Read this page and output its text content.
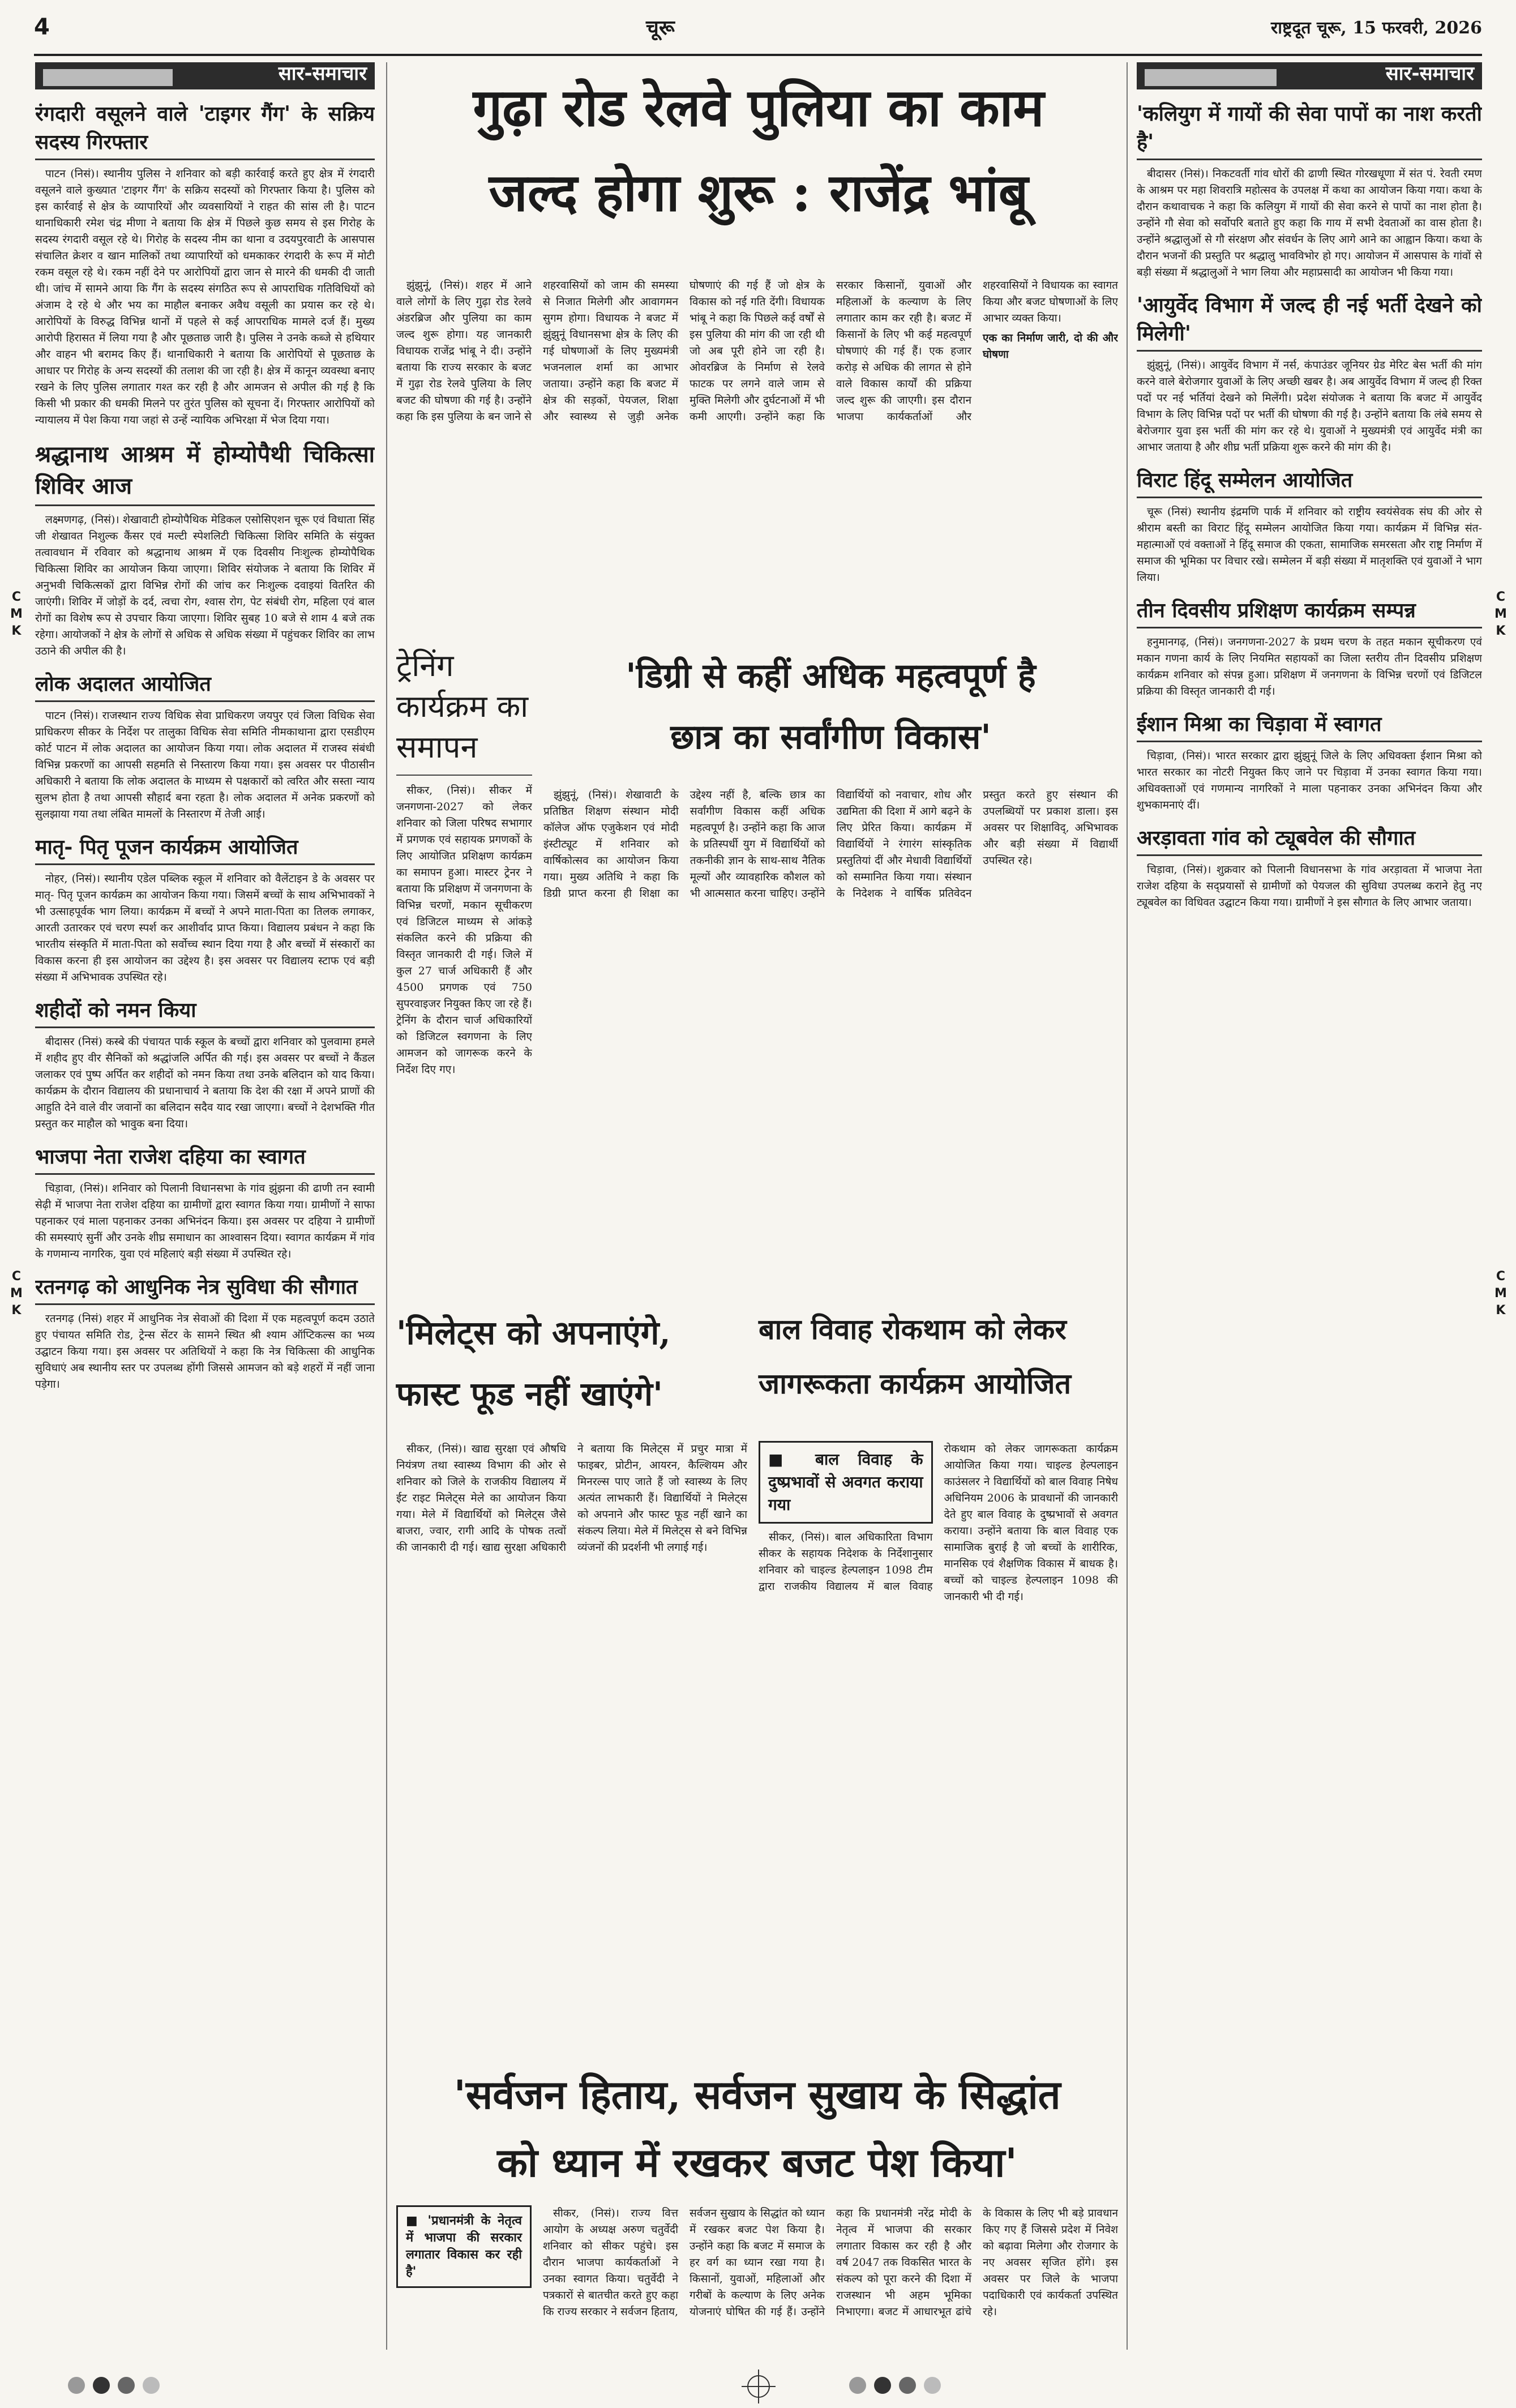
4	चूरू	राष्ट्रदूत चूरू, 15 फरवरी, 2026
सार-समाचार
रंगदारी वसूलने वाले 'टाइगर गैंग' के सक्रिय सदस्य गिरफ्तार

पाटन (निसं)। स्थानीय पुलिस ने शनिवार को बड़ी कार्रवाई करते हुए क्षेत्र में रंगदारी वसूलने वाले कुख्यात 'टाइगर गैंग' के सक्रिय सदस्यों को गिरफ्तार किया है। पुलिस को इस कार्रवाई से क्षेत्र के व्यापारियों और व्यवसायियों ने राहत की सांस ली है। पाटन थानाधिकारी रमेश चंद्र मीणा ने बताया कि क्षेत्र में पिछले कुछ समय से इस गिरोह के सदस्य रंगदारी वसूल रहे थे। गिरोह के सदस्य नीम का थाना व उदयपुरवाटी के आसपास संचालित क्रेशर व खान मालिकों तथा व्यापारियों को धमकाकर रंगदारी के रूप में मोटी रकम वसूल रहे थे। रकम नहीं देने पर आरोपियों द्वारा जान से मारने की धमकी दी जाती थी। जांच में सामने आया कि गैंग के सदस्य संगठित रूप से आपराधिक गतिविधियों को अंजाम दे रहे थे और भय का माहौल बनाकर अवैध वसूली का प्रयास कर रहे थे। आरोपियों के विरुद्ध विभिन्न थानों में पहले से कई आपराधिक मामले दर्ज हैं। मुख्य आरोपी हिरासत में लिया गया है और पूछताछ जारी है। पुलिस ने उनके कब्जे से हथियार और वाहन भी बरामद किए हैं। थानाधिकारी ने बताया कि आरोपियों से पूछताछ के आधार पर गिरोह के अन्य सदस्यों की तलाश की जा रही है। क्षेत्र में कानून व्यवस्था बनाए रखने के लिए पुलिस लगातार गश्त कर रही है और आमजन से अपील की गई है कि किसी भी प्रकार की धमकी मिलने पर तुरंत पुलिस को सूचना दें। गिरफ्तार आरोपियों को न्यायालय में पेश किया गया जहां से उन्हें न्यायिक अभिरक्षा में भेज दिया गया।

श्रद्धानाथ आश्रम में होम्योपैथी चिकित्सा शिविर आज

लक्ष्मणगढ़, (निसं)। शेखावाटी होम्योपैथिक मेडिकल एसोसिएशन चूरू एवं विधाता सिंह जी शेखावत निशुल्क कैंसर एवं मल्टी स्पेशलिटी चिकित्सा शिविर समिति के संयुक्त तत्वावधान में रविवार को श्रद्धानाथ आश्रम में एक दिवसीय निःशुल्क होम्योपैथिक चिकित्सा शिविर का आयोजन किया जाएगा। शिविर संयोजक ने बताया कि शिविर में अनुभवी चिकित्सकों द्वारा विभिन्न रोगों की जांच कर निःशुल्क दवाइयां वितरित की जाएंगी। शिविर में जोड़ों के दर्द, त्वचा रोग, श्वास रोग, पेट संबंधी रोग, महिला एवं बाल रोगों का विशेष रूप से उपचार किया जाएगा। शिविर सुबह 10 बजे से शाम 4 बजे तक रहेगा। आयोजकों ने क्षेत्र के लोगों से अधिक से अधिक संख्या में पहुंचकर शिविर का लाभ उठाने की अपील की है।

लोक अदालत आयोजित

पाटन (निसं)। राजस्थान राज्य विधिक सेवा प्राधिकरण जयपुर एवं जिला विधिक सेवा प्राधिकरण सीकर के निर्देश पर तालुका विधिक सेवा समिति नीमकाथाना द्वारा एसडीएम कोर्ट पाटन में लोक अदालत का आयोजन किया गया। लोक अदालत में राजस्व संबंधी विभिन्न प्रकरणों का आपसी सहमति से निस्तारण किया गया। इस अवसर पर पीठासीन अधिकारी ने बताया कि लोक अदालत के माध्यम से पक्षकारों को त्वरित और सस्ता न्याय सुलभ होता है तथा आपसी सौहार्द बना रहता है। लोक अदालत में अनेक प्रकरणों को सुलझाया गया तथा लंबित मामलों के निस्तारण में तेजी आई।

मातृ- पितृ पूजन कार्यक्रम आयोजित

नोहर, (निसं)। स्थानीय एडेल पब्लिक स्कूल में शनिवार को वैलेंटाइन डे के अवसर पर मातृ- पितृ पूजन कार्यक्रम का आयोजन किया गया। जिसमें बच्चों के साथ अभिभावकों ने भी उत्साहपूर्वक भाग लिया। कार्यक्रम में बच्चों ने अपने माता-पिता का तिलक लगाकर, आरती उतारकर एवं चरण स्पर्श कर आशीर्वाद प्राप्त किया। विद्यालय प्रबंधन ने कहा कि भारतीय संस्कृति में माता-पिता को सर्वोच्च स्थान दिया गया है और बच्चों में संस्कारों का विकास करना ही इस आयोजन का उद्देश्य है। इस अवसर पर विद्यालय स्टाफ एवं बड़ी संख्या में अभिभावक उपस्थित रहे।

शहीदों को नमन किया

बीदासर (निसं) कस्बे की पंचायत पार्क स्कूल के बच्चों द्वारा शनिवार को पुलवामा हमले में शहीद हुए वीर सैनिकों को श्रद्धांजलि अर्पित की गई। इस अवसर पर बच्चों ने कैंडल जलाकर एवं पुष्प अर्पित कर शहीदों को नमन किया तथा उनके बलिदान को याद किया। कार्यक्रम के दौरान विद्यालय की प्रधानाचार्य ने बताया कि देश की रक्षा में अपने प्राणों की आहुति देने वाले वीर जवानों का बलिदान सदैव याद रखा जाएगा। बच्चों ने देशभक्ति गीत प्रस्तुत कर माहौल को भावुक बना दिया।

भाजपा नेता राजेश दहिया का स्वागत

चिड़ावा, (निसं)। शनिवार को पिलानी विधानसभा के गांव झुंझना की ढाणी तन स्वामी सेढ़ी में भाजपा नेता राजेश दहिया का ग्रामीणों द्वारा स्वागत किया गया। ग्रामीणों ने साफा पहनाकर एवं माला पहनाकर उनका अभिनंदन किया। इस अवसर पर दहिया ने ग्रामीणों की समस्याएं सुनीं और उनके शीघ्र समाधान का आश्वासन दिया। स्वागत कार्यक्रम में गांव के गणमान्य नागरिक, युवा एवं महिलाएं बड़ी संख्या में उपस्थित रहे।

रतनगढ़ को आधुनिक नेत्र सुविधा की सौगात

रतनगढ़ (निसं) शहर में आधुनिक नेत्र सेवाओं की दिशा में एक महत्वपूर्ण कदम उठाते हुए पंचायत समिति रोड, ट्रेन्स सेंटर के सामने स्थित श्री श्याम ऑप्टिकल्स का भव्य उद्घाटन किया गया। इस अवसर पर अतिथियों ने कहा कि नेत्र चिकित्सा की आधुनिक सुविधाएं अब स्थानीय स्तर पर उपलब्ध होंगी जिससे आमजन को बड़े शहरों में नहीं जाना पड़ेगा।

गुढ़ा रोड रेलवे पुलिया का काम
जल्द होगा शुरू : राजेंद्र भांबू

झुंझुनूं, (निसं)। शहर में आने वाले लोगों के लिए गुढ़ा रोड रेलवे अंडरब्रिज और पुलिया का काम जल्द शुरू होगा। यह जानकारी विधायक राजेंद्र भांबू ने दी। उन्होंने बताया कि राज्य सरकार के बजट में गुढ़ा रोड रेलवे पुलिया के लिए बजट की घोषणा की गई है। उन्होंने कहा कि इस पुलिया के बन जाने से शहरवासियों को जाम की समस्या से निजात मिलेगी और आवागमन सुगम होगा। विधायक ने बजट में झुंझुनूं विधानसभा क्षेत्र के लिए की गई घोषणाओं के लिए मुख्यमंत्री भजनलाल शर्मा का आभार जताया। उन्होंने कहा कि बजट में क्षेत्र की सड़कों, पेयजल, शिक्षा और स्वास्थ्य से जुड़ी अनेक घोषणाएं की गई हैं जो क्षेत्र के विकास को नई गति देंगी। विधायक भांबू ने कहा कि पिछले कई वर्षों से इस पुलिया की मांग की जा रही थी जो अब पूरी होने जा रही है। ओवरब्रिज के निर्माण से रेलवे फाटक पर लगने वाले जाम से मुक्ति मिलेगी और दुर्घटनाओं में भी कमी आएगी। उन्होंने कहा कि सरकार किसानों, युवाओं और महिलाओं के कल्याण के लिए लगातार काम कर रही है। बजट में किसानों के लिए भी कई महत्वपूर्ण घोषणाएं की गई हैं। एक हजार करोड़ से अधिक की लागत से होने वाले विकास कार्यों की प्रक्रिया जल्द शुरू की जाएगी। इस दौरान भाजपा कार्यकर्ताओं और शहरवासियों ने विधायक का स्वागत किया और बजट घोषणाओं के लिए आभार व्यक्त किया।

एक का निर्माण जारी, दो की और घोषणा

ट्रेनिंग कार्यक्रम का समापन

सीकर, (निसं)। सीकर में जनगणना-2027 को लेकर शनिवार को जिला परिषद सभागार में प्रगणक एवं सहायक प्रगणकों के लिए आयोजित प्रशिक्षण कार्यक्रम का समापन हुआ। मास्टर ट्रेनर ने बताया कि प्रशिक्षण में जनगणना के विभिन्न चरणों, मकान सूचीकरण एवं डिजिटल माध्यम से आंकड़े संकलित करने की प्रक्रिया की विस्तृत जानकारी दी गई। जिले में कुल 27 चार्ज अधिकारी हैं और 4500 प्रगणक एवं 750 सुपरवाइजर नियुक्त किए जा रहे हैं। ट्रेनिंग के दौरान चार्ज अधिकारियों को डिजिटल स्वगणना के लिए आमजन को जागरूक करने के निर्देश दिए गए।

'डिग्री से कहीं अधिक महत्वपूर्ण है
छात्र का सर्वांगीण विकास'

झुंझुनूं, (निसं)। शेखावाटी के प्रतिष्ठित शिक्षण संस्थान मोदी कॉलेज ऑफ एजुकेशन एवं मोदी इंस्टीट्यूट में शनिवार को वार्षिकोत्सव का आयोजन किया गया। मुख्य अतिथि ने कहा कि डिग्री प्राप्त करना ही शिक्षा का उद्देश्य नहीं है, बल्कि छात्र का सर्वांगीण विकास कहीं अधिक महत्वपूर्ण है। उन्होंने कहा कि आज के प्रतिस्पर्धी युग में विद्यार्थियों को तकनीकी ज्ञान के साथ-साथ नैतिक मूल्यों और व्यावहारिक कौशल को भी आत्मसात करना चाहिए। उन्होंने विद्यार्थियों को नवाचार, शोध और उद्यमिता की दिशा में आगे बढ़ने के लिए प्रेरित किया। कार्यक्रम में विद्यार्थियों ने रंगारंग सांस्कृतिक प्रस्तुतियां दीं और मेधावी विद्यार्थियों को सम्मानित किया गया। संस्थान के निदेशक ने वार्षिक प्रतिवेदन प्रस्तुत करते हुए संस्थान की उपलब्धियों पर प्रकाश डाला। इस अवसर पर शिक्षाविद्, अभिभावक और बड़ी संख्या में विद्यार्थी उपस्थित रहे।

'मिलेट्स को अपनाएंगे,
फास्ट फूड नहीं खाएंगे'

सीकर, (निसं)। खाद्य सुरक्षा एवं औषधि नियंत्रण तथा स्वास्थ्य विभाग की ओर से शनिवार को जिले के राजकीय विद्यालय में ईट राइट मिलेट्स मेले का आयोजन किया गया। मेले में विद्यार्थियों को मिलेट्स जैसे बाजरा, ज्वार, रागी आदि के पोषक तत्वों की जानकारी दी गई। खाद्य सुरक्षा अधिकारी ने बताया कि मिलेट्स में प्रचुर मात्रा में फाइबर, प्रोटीन, आयरन, कैल्शियम और मिनरल्स पाए जाते हैं जो स्वास्थ्य के लिए अत्यंत लाभकारी हैं। विद्यार्थियों ने मिलेट्स को अपनाने और फास्ट फूड नहीं खाने का संकल्प लिया। मेले में मिलेट्स से बने विभिन्न व्यंजनों की प्रदर्शनी भी लगाई गई।

बाल विवाह रोकथाम को लेकर
जागरूकता कार्यक्रम आयोजित
■ बाल विवाह के दुष्प्रभावों से अवगत कराया गया

सीकर, (निसं)। बाल अधिकारिता विभाग सीकर के सहायक निदेशक के निर्देशानुसार शनिवार को चाइल्ड हेल्पलाइन 1098 टीम द्वारा राजकीय विद्यालय में बाल विवाह रोकथाम को लेकर जागरूकता कार्यक्रम आयोजित किया गया। चाइल्ड हेल्पलाइन काउंसलर ने विद्यार्थियों को बाल विवाह निषेध अधिनियम 2006 के प्रावधानों की जानकारी देते हुए बाल विवाह के दुष्प्रभावों से अवगत कराया। उन्होंने बताया कि बाल विवाह एक सामाजिक बुराई है जो बच्चों के शारीरिक, मानसिक एवं शैक्षणिक विकास में बाधक है। बच्चों को चाइल्ड हेल्पलाइन 1098 की जानकारी भी दी गई।

'सर्वजन हिताय, सर्वजन सुखाय के सिद्धांत
को ध्यान में रखकर बजट पेश किया'
■ 'प्रधानमंत्री के नेतृत्व में भाजपा की सरकार लगातार विकास कर रही है'

सीकर, (निसं)। राज्य वित्त आयोग के अध्यक्ष अरुण चतुर्वेदी शनिवार को सीकर पहुंचे। इस दौरान भाजपा कार्यकर्ताओं ने उनका स्वागत किया। चतुर्वेदी ने पत्रकारों से बातचीत करते हुए कहा कि राज्य सरकार ने सर्वजन हिताय, सर्वजन सुखाय के सिद्धांत को ध्यान में रखकर बजट पेश किया है। उन्होंने कहा कि बजट में समाज के हर वर्ग का ध्यान रखा गया है। किसानों, युवाओं, महिलाओं और गरीबों के कल्याण के लिए अनेक योजनाएं घोषित की गई हैं। उन्होंने कहा कि प्रधानमंत्री नरेंद्र मोदी के नेतृत्व में भाजपा की सरकार लगातार विकास कर रही है और वर्ष 2047 तक विकसित भारत के संकल्प को पूरा करने की दिशा में राजस्थान भी अहम भूमिका निभाएगा। बजट में आधारभूत ढांचे के विकास के लिए भी बड़े प्रावधान किए गए हैं जिससे प्रदेश में निवेश को बढ़ावा मिलेगा और रोजगार के नए अवसर सृजित होंगे। इस अवसर पर जिले के भाजपा पदाधिकारी एवं कार्यकर्ता उपस्थित रहे।

सार-समाचार
'कलियुग में गायों की सेवा पापों का नाश करती है'

बीदासर (निसं)। निकटवर्ती गांव धोरों की ढाणी स्थित गोरखधूणा में संत पं. रेवती रमण के आश्रम पर महा शिवरात्रि महोत्सव के उपलक्ष में कथा का आयोजन किया गया। कथा के दौरान कथावाचक ने कहा कि कलियुग में गायों की सेवा करने से पापों का नाश होता है। उन्होंने गौ सेवा को सर्वोपरि बताते हुए कहा कि गाय में सभी देवताओं का वास होता है। उन्होंने श्रद्धालुओं से गौ संरक्षण और संवर्धन के लिए आगे आने का आह्वान किया। कथा के दौरान भजनों की प्रस्तुति पर श्रद्धालु भावविभोर हो गए। आयोजन में आसपास के गांवों से बड़ी संख्या में श्रद्धालुओं ने भाग लिया और महाप्रसादी का आयोजन भी किया गया।

'आयुर्वेद विभाग में जल्द ही नई भर्ती देखने को मिलेगी'

झुंझुनूं, (निसं)। आयुर्वेद विभाग में नर्स, कंपाउंडर जूनियर ग्रेड मेरिट बेस भर्ती की मांग करने वाले बेरोजगार युवाओं के लिए अच्छी खबर है। अब आयुर्वेद विभाग में जल्द ही रिक्त पदों पर नई भर्तियां देखने को मिलेंगी। प्रदेश संयोजक ने बताया कि बजट में आयुर्वेद विभाग के लिए विभिन्न पदों पर भर्ती की घोषणा की गई है। उन्होंने बताया कि लंबे समय से बेरोजगार युवा इस भर्ती की मांग कर रहे थे। युवाओं ने मुख्यमंत्री एवं आयुर्वेद मंत्री का आभार जताया है और शीघ्र भर्ती प्रक्रिया शुरू करने की मांग की है।

विराट हिंदू सम्मेलन आयोजित

चूरू (निसं) स्थानीय इंद्रमणि पार्क में शनिवार को राष्ट्रीय स्वयंसेवक संघ की ओर से श्रीराम बस्ती का विराट हिंदू सम्मेलन आयोजित किया गया। कार्यक्रम में विभिन्न संत-महात्माओं एवं वक्ताओं ने हिंदू समाज की एकता, सामाजिक समरसता और राष्ट्र निर्माण में समाज की भूमिका पर विचार रखे। सम्मेलन में बड़ी संख्या में मातृशक्ति एवं युवाओं ने भाग लिया।

तीन दिवसीय प्रशिक्षण कार्यक्रम सम्पन्न

हनुमानगढ़, (निसं)। जनगणना-2027 के प्रथम चरण के तहत मकान सूचीकरण एवं मकान गणना कार्य के लिए नियमित सहायकों का जिला स्तरीय तीन दिवसीय प्रशिक्षण कार्यक्रम शनिवार को संपन्न हुआ। प्रशिक्षण में जनगणना के विभिन्न चरणों एवं डिजिटल प्रक्रिया की विस्तृत जानकारी दी गई।

ईशान मिश्रा का चिड़ावा में स्वागत

चिड़ावा, (निसं)। भारत सरकार द्वारा झुंझुनूं जिले के लिए अधिवक्ता ईशान मिश्रा को भारत सरकार का नोटरी नियुक्त किए जाने पर चिड़ावा में उनका स्वागत किया गया। अधिवक्ताओं एवं गणमान्य नागरिकों ने माला पहनाकर उनका अभिनंदन किया और शुभकामनाएं दीं।

अरड़ावता गांव को ट्यूबवेल की सौगात

चिड़ावा, (निसं)। शुक्रवार को पिलानी विधानसभा के गांव अरड़ावता में भाजपा नेता राजेश दहिया के सद्प्रयासों से ग्रामीणों को पेयजल की सुविधा उपलब्ध कराने हेतु नए ट्यूबवेल का विधिवत उद्घाटन किया गया। ग्रामीणों ने इस सौगात के लिए आभार जताया।

C
M
K
C
M
K
C
M
K
C
M
K
